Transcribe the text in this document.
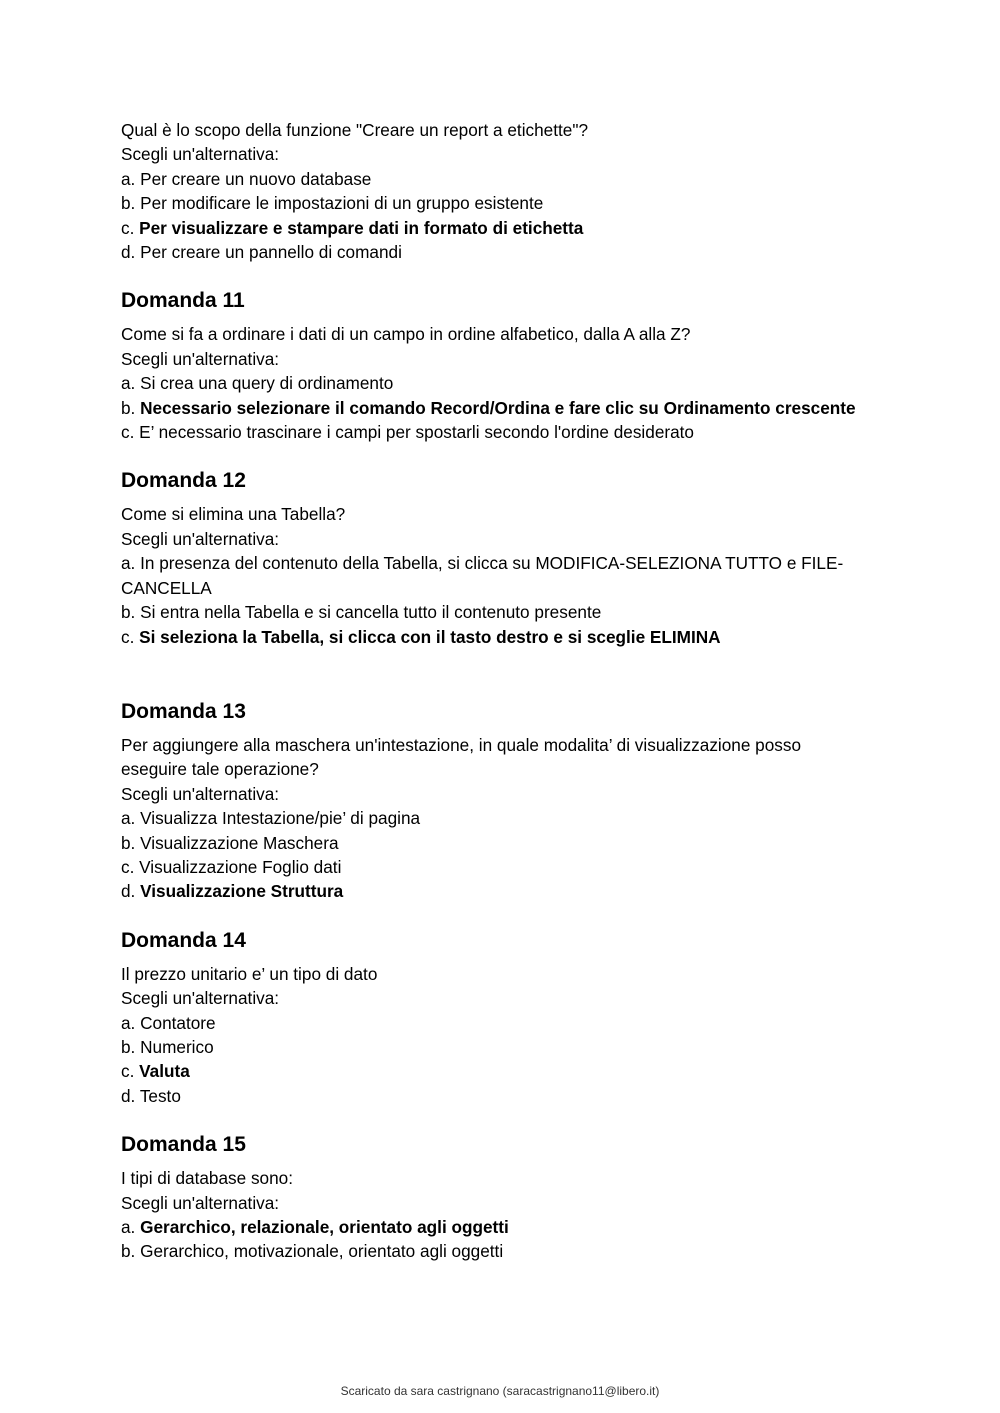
Qual è lo scopo della funzione "Creare un report a etichette"?

Scegli un'alternativa:

a. Per creare un nuovo database

b. Per modificare le impostazioni di un gruppo esistente

c. Per visualizzare e stampare dati in formato di etichetta

d. Per creare un pannello di comandi

Domanda 11

Come si fa a ordinare i dati di un campo in ordine alfabetico, dalla A alla Z?

Scegli un'alternativa:

a. Si crea una query di ordinamento

b. Necessario selezionare il comando Record/Ordina e fare clic su Ordinamento crescente

c. E’ necessario trascinare i campi per spostarli secondo l'ordine desiderato

Domanda 12

Come si elimina una Tabella?

Scegli un'alternativa:

a. In presenza del contenuto della Tabella, si clicca su MODIFICA-SELEZIONA TUTTO e FILE-CANCELLA

b. Si entra nella Tabella e si cancella tutto il contenuto presente

c. Si seleziona la Tabella, si clicca con il tasto destro e si sceglie ELIMINA

Domanda 13

Per aggiungere alla maschera un'intestazione, in quale modalita’ di visualizzazione posso eseguire tale operazione?

Scegli un'alternativa:

a. Visualizza Intestazione/pie’ di pagina

b. Visualizzazione Maschera

c. Visualizzazione Foglio dati

d. Visualizzazione Struttura

Domanda 14

Il prezzo unitario e’ un tipo di dato

Scegli un'alternativa:

a. Contatore

b. Numerico

c. Valuta

d. Testo

Domanda 15

I tipi di database sono:

Scegli un'alternativa:

a. Gerarchico, relazionale, orientato agli oggetti

b. Gerarchico, motivazionale, orientato agli oggetti

Scaricato da sara castrignano (saracastrignano11@libero.it)
